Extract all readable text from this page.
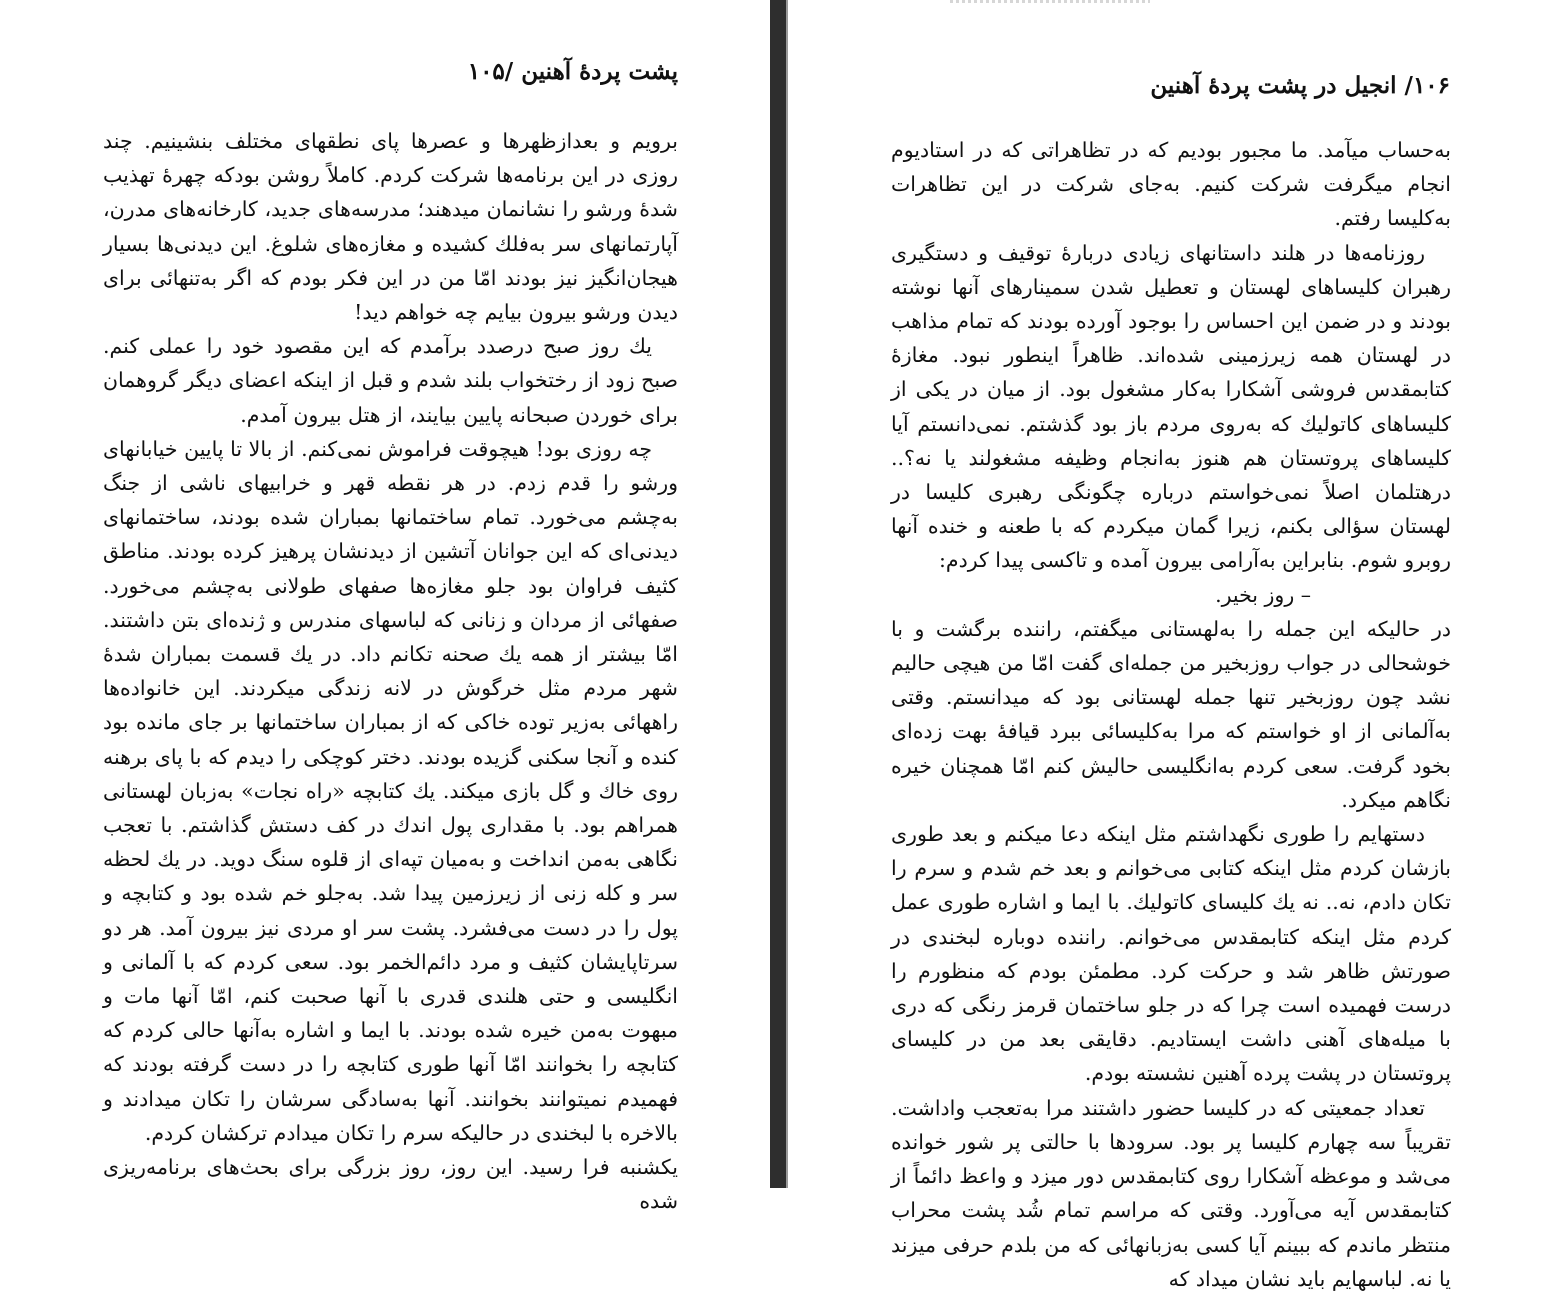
پشت پردهٔ آهنین /۱۰۵

برویم و بعدازظهرها و عصرها پای نطقهای مختلف بنشینیم. چند روزی در این برنامه‌ها شرکت کردم. کاملاً روشن بودکه چهرهٔ تهذیب شدهٔ ورشو را نشانمان میدهند؛ مدرسه‌های جدید، کارخانه‌های مدرن، آپارتمانهای سر به‌فلك کشیده و مغازه‌های شلوغ. این دیدنی‌ها بسیار هیجان‌انگیز نیز بودند امّا من در این فکر بودم که اگر به‌تنهائی برای دیدن ورشو بیرون بیایم چه خواهم دید!

یك روز صبح درصدد برآمدم که این مقصود خود را عملی کنم. صبح زود از رختخواب بلند شدم و قبل از اینکه اعضای دیگر گروهمان برای خوردن صبحانه پایین بیایند، از هتل بیرون آمدم.

چه روزی بود! هیچوقت فراموش نمی‌کنم. از بالا تا پایین خیابانهای ورشو را قدم زدم. در هر نقطه قهر و خرابیهای ناشی از جنگ به‌چشم می‌خورد. تمام ساختمانها بمباران شده بودند، ساختمانهای دیدنی‌ای که این جوانان آتشین از دیدنشان پرهیز کرده بودند. مناطق کثیف فراوان بود جلو مغازه‌ها صفهای طولانی به‌چشم می‌خورد. صفهائی از مردان و زنانی که لباسهای مندرس و ژنده‌ای بتن داشتند. امّا بیشتر از همه یك صحنه تکانم داد. در یك قسمت بمباران شدهٔ شهر مردم مثل خرگوش در لانه زندگی میکردند. این خانواده‌ها راههائی به‌زیر توده خاکی که از بمباران ساختمانها بر جای مانده بود کنده و آنجا سکنی گزیده بودند. دختر کوچکی را دیدم که با پای برهنه روی خاك و گل بازی میکند. یك کتابچه «راه نجات» به‌زبان لهستانی همراهم بود. با مقداری پول اندك در کف دستش گذاشتم. با تعجب نگاهی به‌من انداخت و به‌میان تپه‌ای از قلوه سنگ دوید. در یك لحظه سر و کله زنی از زیرزمین پیدا شد. به‌جلو خم شده بود و کتابچه و پول را در دست می‌فشرد. پشت سر او مردی نیز بیرون آمد. هر دو سرتاپایشان کثیف و مرد دائم‌الخمر بود. سعی کردم که با آلمانی و انگلیسی و حتی هلندی قدری با آنها صحبت کنم، امّا آنها مات و مبهوت به‌من خیره شده بودند. با ایما و اشاره به‌آنها حالی کردم که کتابچه را بخوانند امّا آنها طوری کتابچه را در دست گرفته بودند که فهمیدم نمیتوانند بخوانند. آنها به‌سادگی سرشان را تکان میدادند و بالاخره با لبخندی در حالیکه سرم را تکان میدادم ترکشان کردم.

یکشنبه فرا رسید. این روز، روز بزرگی برای بحث‌های برنامه‌ریزی شده

۱۰۶/ انجیل در پشت پردهٔ آهنین

به‌حساب میآمد. ما مجبور بودیم که در تظاهراتی که در استادیوم انجام میگرفت شرکت کنیم. به‌جای شرکت در این تظاهرات به‌کلیسا رفتم.

روزنامه‌ها در هلند داستانهای زیادی دربارهٔ توقیف و دستگیری رهبران کلیساهای لهستان و تعطیل شدن سمینارهای آنها نوشته بودند و در ضمن این احساس را بوجود آورده بودند که تمام مذاهب در لهستان همه زیرزمینی شده‌اند. ظاهراً اینطور نبود. مغازهٔ کتابمقدس فروشی آشکارا به‌کار مشغول بود. از میان در یکی از کلیساهای کاتولیك که به‌روی مردم باز بود گذشتم. نمی‌دانستم آیا کلیساهای پروتستان هم هنوز به‌انجام وظیفه مشغولند یا نه؟.. درهتلمان اصلاً نمی‌خواستم درباره چگونگی رهبری کلیسا در لهستان سؤالی بکنم، زیرا گمان میکردم که با طعنه و خنده آنها روبرو شوم. بنابراین به‌آرامی بیرون آمده و تاکسی پیدا کردم:

– روز بخیر.

در حالیکه این جمله را به‌لهستانی میگفتم، راننده برگشت و با خوشحالی در جواب روزبخیر من جمله‌ای گفت امّا من هیچی حالیم نشد چون روزبخیر تنها جمله لهستانی بود که میدانستم. وقتی به‌آلمانی از او خواستم که مرا به‌کلیسائی ببرد قیافهٔ بهت زده‌ای بخود گرفت. سعی کردم به‌انگلیسی حالیش کنم امّا همچنان خیره نگاهم میکرد.

دستهایم را طوری نگهداشتم مثل اینکه دعا میکنم و بعد طوری بازشان کردم مثل اینکه کتابی می‌خوانم و بعد خم شدم و سرم را تکان دادم، نه.. نه یك کلیسای کاتولیك. با ایما و اشاره طوری عمل کردم مثل اینکه کتابمقدس می‌خوانم. راننده دوباره لبخندی در صورتش ظاهر شد و حرکت کرد. مطمئن بودم که منظورم را درست فهمیده است چرا که در جلو ساختمان قرمز رنگی که دری با میله‌های آهنی داشت ایستادیم. دقایقی بعد من در کلیسای پروتستان در پشت پرده آهنین نشسته بودم.

تعداد جمعیتی که در کلیسا حضور داشتند مرا به‌تعجب واداشت. تقریباً سه چهارم کلیسا پر بود. سرودها با حالتی پر شور خوانده می‌شد و موعظه آشکارا روی کتابمقدس دور میزد و واعظ دائماً از کتابمقدس آیه می‌آورد. وقتی که مراسم تمام شُد پشت محراب منتظر ماندم که ببینم آیا کسی به‌زبانهائی که من بلدم حرفی میزند یا نه. لباسهایم باید نشان میداد که
